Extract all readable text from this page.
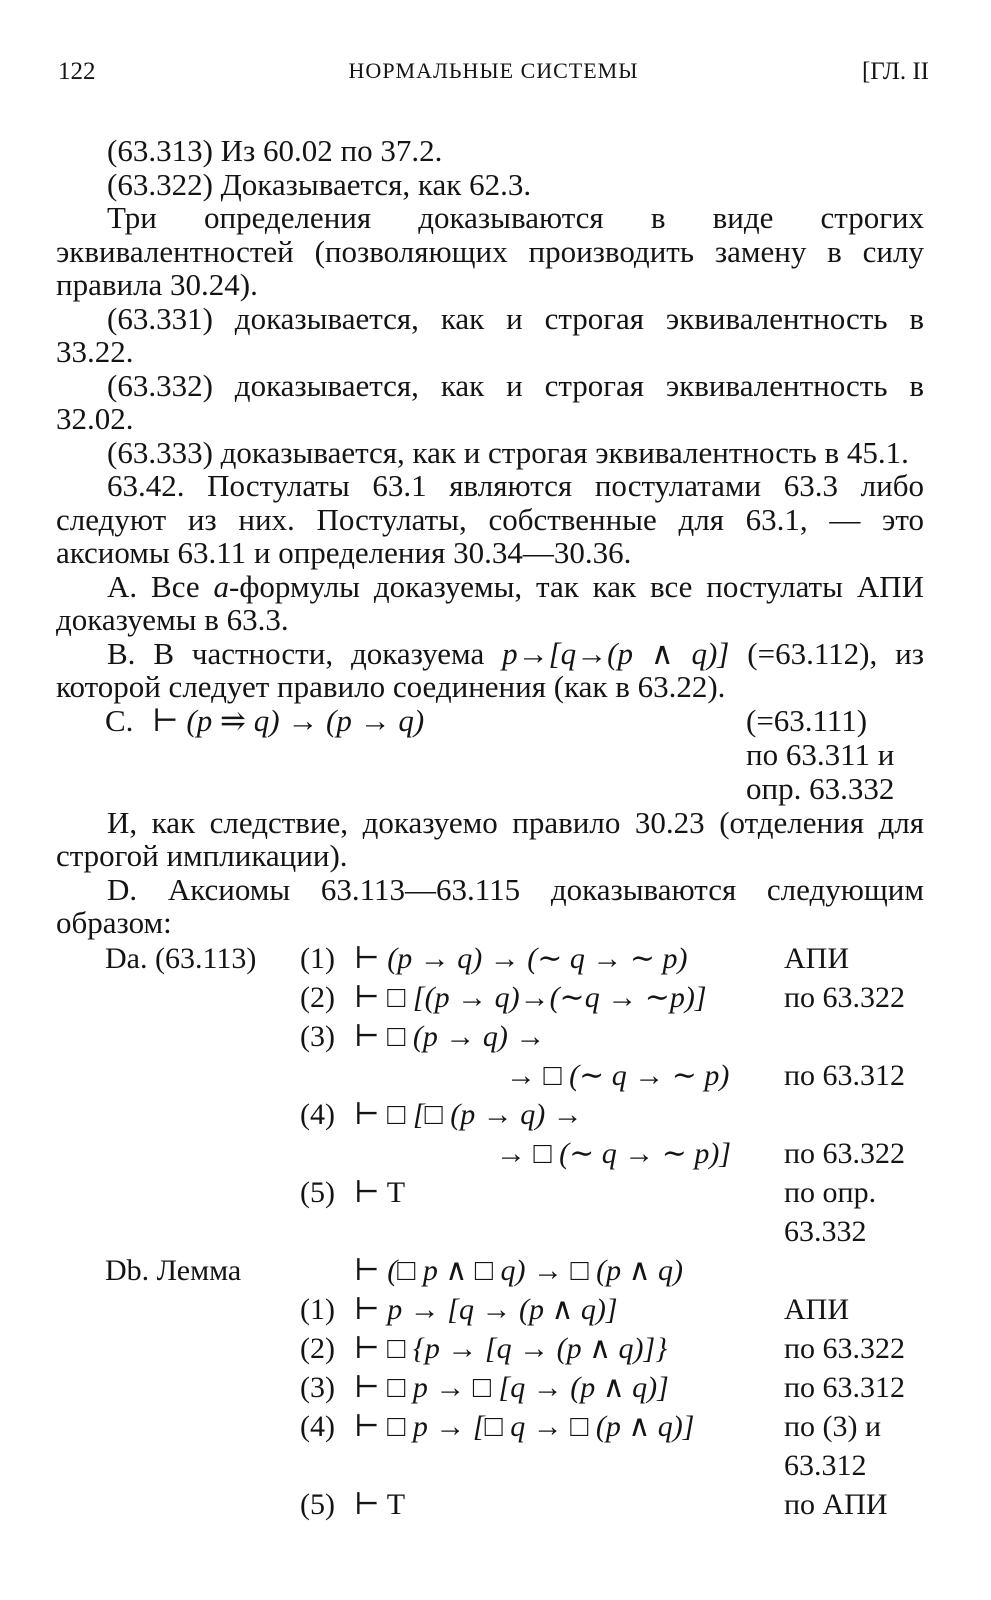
122	НОРМАЛЬНЫЕ СИСТЕМЫ	[ГЛ. II

(63.313) Из 60.02 по 37.2.

(63.322) Доказывается, как 62.3.

Три определения доказываются в виде строгих эквивалентностей (позволяющих производить замену в силу правила 30.24).

(63.331) доказывается, как и строгая эквивалентность в 33.22.

(63.332) доказывается, как и строгая эквивалентность в 32.02.

(63.333) доказывается, как и строгая эквивалентность в 45.1.

63.42. Постулаты 63.1 являются постулатами 63.3 либо следуют из них. Постулаты, собственные для 63.1, — это аксиомы 63.11 и определения 30.34—30.36.

A. Все a-формулы доказуемы, так как все постулаты АПИ доказуемы в 63.3.

B. В частности, доказуема p→[q→(p ∧ q)] (=63.112), из которой следует правило соединения (как в 63.22).

C. ⊢ (p ⥤ q) → (p → q)	(=63.111)
по 63.311 и
опр. 63.332

И, как следствие, доказуемо правило 30.23 (отделения для строгой импликации).

D. Аксиомы 63.113—63.115 доказываются следующим образом:

Da. (63.113) (1) ⊢ (p → q) → (∼ q → ∼ p)	АПИ
(2) ⊢ □ [(p → q)→(∼q → ∼p)]	по 63.322
(3) ⊢ □ (p → q) →
→ □ (∼ q → ∼ p) по 63.312
(4) ⊢ □ [□ (p → q) →
→ □ (∼ q → ∼ p)] по 63.322
(5) ⊢ T	по опр.
63.332
Db. Лемма	⊢ (□ p ∧ □ q) → □ (p ∧ q)
(1) ⊢ p → [q → (p ∧ q)]	АПИ
(2) ⊢ □ {p → [q → (p ∧ q)]}	по 63.322
(3) ⊢ □ p → □ [q → (p ∧ q)]	по 63.312
(4) ⊢ □ p → [□ q → □ (p ∧ q)]	по (3) и
63.312
(5) ⊢ T	по АПИ
